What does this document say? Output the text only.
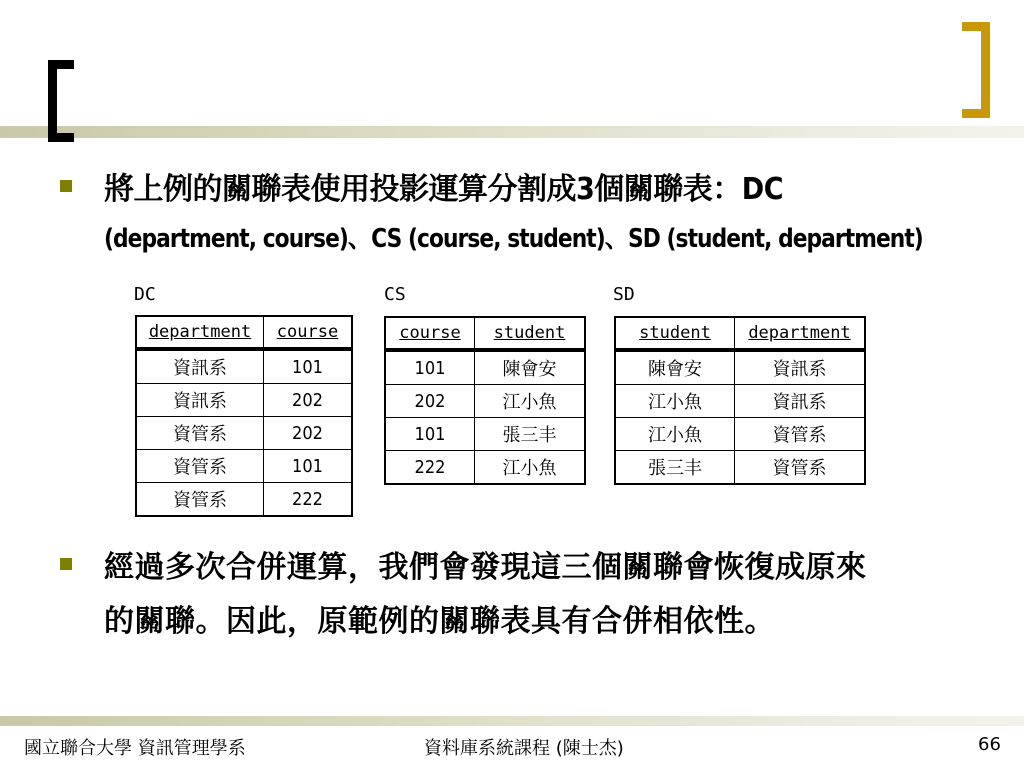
將上例的關聯表使用投影運算分割成3個關聯表：DC
(department, course)、CS (course, student)、SD (student, department)
DC	CS	SD
department	course
資訊系	101
資訊系	202
資管系	202
資管系	101
資管系	222
course	student
101	陳會安
202	江小魚
101	張三丰
222	江小魚
student	department
陳會安	資訊系
江小魚	資訊系
江小魚	資管系
張三丰	資管系
經過多次合併運算，我們會發現這三個關聯會恢復成原來
的關聯。因此，原範例的關聯表具有合併相依性。
國立聯合大學 資訊管理學系	資料庫系統課程 (陳士杰)	66
